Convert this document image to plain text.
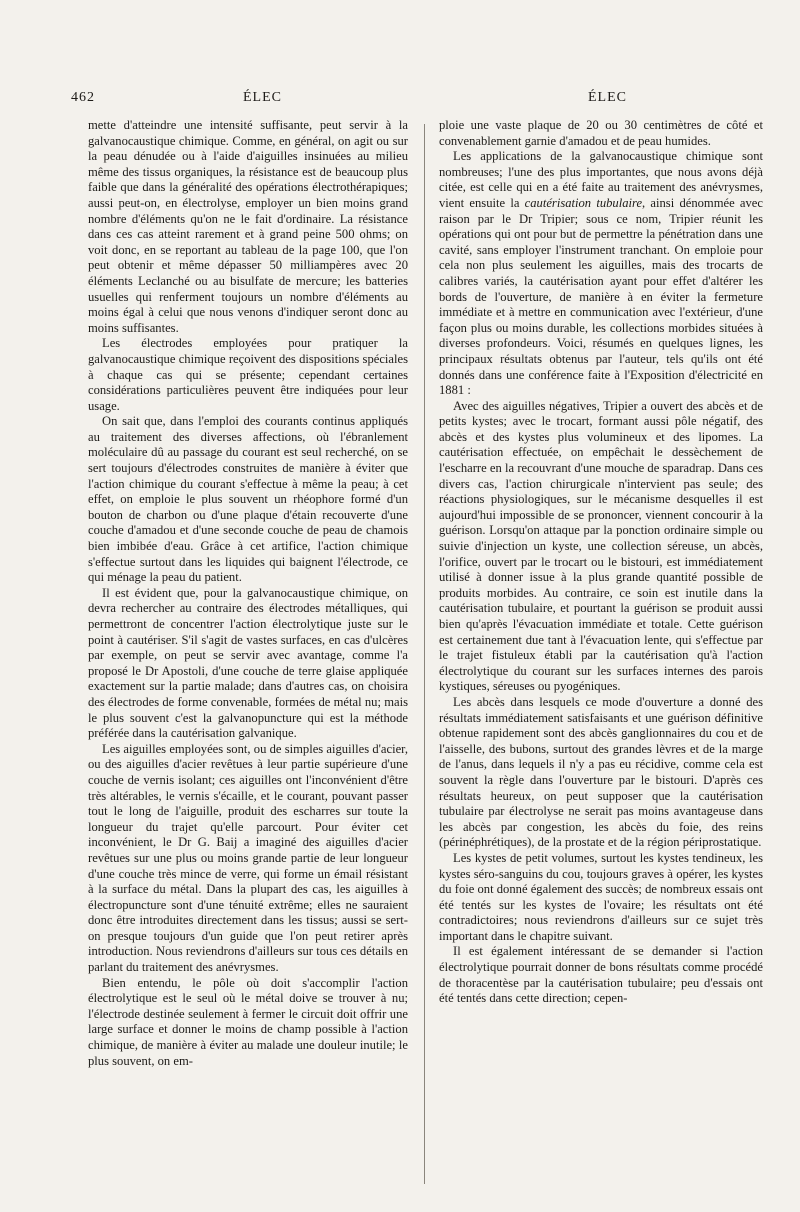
462	ÉLEC	ÉLEC

mette d'atteindre une intensité suffisante, peut servir à la galvanocaustique chimique. Comme, en général, on agit ou sur la peau dénudée ou à l'aide d'aiguilles insinuées au milieu même des tissus organiques, la résistance est de beaucoup plus faible que dans la généralité des opérations électrothérapiques; aussi peut-on, en électrolyse, employer un bien moins grand nombre d'éléments qu'on ne le fait d'ordinaire. La résistance dans ces cas atteint rarement et à grand peine 500 ohms; on voit donc, en se reportant au tableau de la page 100, que l'on peut obtenir et même dépasser 50 milliampères avec 20 éléments Leclanché ou au bisulfate de mercure; les batteries usuelles qui renferment toujours un nombre d'éléments au moins égal à celui que nous venons d'indiquer seront donc au moins suffisantes.

Les électrodes employées pour pratiquer la galvanocaustique chimique reçoivent des dispositions spéciales à chaque cas qui se présente; cependant certaines considérations particulières peuvent être indiquées pour leur usage.

On sait que, dans l'emploi des courants continus appliqués au traitement des diverses affections, où l'ébranlement moléculaire dû au passage du courant est seul recherché, on se sert toujours d'électrodes construites de manière à éviter que l'action chimique du courant s'effectue à même la peau; à cet effet, on emploie le plus souvent un rhéophore formé d'un bouton de charbon ou d'une plaque d'étain recouverte d'une couche d'amadou et d'une seconde couche de peau de chamois bien imbibée d'eau. Grâce à cet artifice, l'action chimique s'effectue surtout dans les liquides qui baignent l'électrode, ce qui ménage la peau du patient.

Il est évident que, pour la galvanocaustique chimique, on devra rechercher au contraire des électrodes métalliques, qui permettront de concentrer l'action électrolytique juste sur le point à cautériser. S'il s'agit de vastes surfaces, en cas d'ulcères par exemple, on peut se servir avec avantage, comme l'a proposé le Dr Apostoli, d'une couche de terre glaise appliquée exactement sur la partie malade; dans d'autres cas, on choisira des électrodes de forme convenable, formées de métal nu; mais le plus souvent c'est la galvanopuncture qui est la méthode préférée dans la cautérisation galvanique.

Les aiguilles employées sont, ou de simples aiguilles d'acier, ou des aiguilles d'acier revêtues à leur partie supérieure d'une couche de vernis isolant; ces aiguilles ont l'inconvénient d'être très altérables, le vernis s'écaille, et le courant, pouvant passer tout le long de l'aiguille, produit des escharres sur toute la longueur du trajet qu'elle parcourt. Pour éviter cet inconvénient, le Dr G. Baij a imaginé des aiguilles d'acier revêtues sur une plus ou moins grande partie de leur longueur d'une couche très mince de verre, qui forme un émail résistant à la surface du métal. Dans la plupart des cas, les aiguilles à électropuncture sont d'une ténuité extrême; elles ne sauraient donc être introduites directement dans les tissus; aussi se sert-on presque toujours d'un guide que l'on peut retirer après introduction. Nous reviendrons d'ailleurs sur tous ces détails en parlant du traitement des anévrysmes.

Bien entendu, le pôle où doit s'accomplir l'action électrolytique est le seul où le métal doive se trouver à nu; l'électrode destinée seulement à fermer le circuit doit offrir une large surface et donner le moins de champ possible à l'action chimique, de manière à éviter au malade une douleur inutile; le plus souvent, on em-

ploie une vaste plaque de 20 ou 30 centimètres de côté et convenablement garnie d'amadou et de peau humides.

Les applications de la galvanocaustique chimique sont nombreuses; l'une des plus importantes, que nous avons déjà citée, est celle qui en a été faite au traitement des anévrysmes, vient ensuite la cautérisation tubulaire, ainsi dénommée avec raison par le Dr Tripier; sous ce nom, Tripier réunit les opérations qui ont pour but de permettre la pénétration dans une cavité, sans employer l'instrument tranchant. On emploie pour cela non plus seulement les aiguilles, mais des trocarts de calibres variés, la cautérisation ayant pour effet d'altérer les bords de l'ouverture, de manière à en éviter la fermeture immédiate et à mettre en communication avec l'extérieur, d'une façon plus ou moins durable, les collections morbides situées à diverses profondeurs. Voici, résumés en quelques lignes, les principaux résultats obtenus par l'auteur, tels qu'ils ont été donnés dans une conférence faite à l'Exposition d'électricité en 1881 :

Avec des aiguilles négatives, Tripier a ouvert des abcès et de petits kystes; avec le trocart, formant aussi pôle négatif, des abcès et des kystes plus volumineux et des lipomes. La cautérisation effectuée, on empêchait le dessèchement de l'escharre en la recouvrant d'une mouche de sparadrap. Dans ces divers cas, l'action chirurgicale n'intervient pas seule; des réactions physiologiques, sur le mécanisme desquelles il est aujourd'hui impossible de se prononcer, viennent concourir à la guérison. Lorsqu'on attaque par la ponction ordinaire simple ou suivie d'injection un kyste, une collection séreuse, un abcès, l'orifice, ouvert par le trocart ou le bistouri, est immédiatement utilisé à donner issue à la plus grande quantité possible de produits morbides. Au contraire, ce soin est inutile dans la cautérisation tubulaire, et pourtant la guérison se produit aussi bien qu'après l'évacuation immédiate et totale. Cette guérison est certainement due tant à l'évacuation lente, qui s'effectue par le trajet fistuleux établi par la cautérisation qu'à l'action électrolytique du courant sur les surfaces internes des parois kystiques, séreuses ou pyogéniques.

Les abcès dans lesquels ce mode d'ouverture a donné des résultats immédiatement satisfaisants et une guérison définitive obtenue rapidement sont des abcès ganglionnaires du cou et de l'aisselle, des bubons, surtout des grandes lèvres et de la marge de l'anus, dans lequels il n'y a pas eu récidive, comme cela est souvent la règle dans l'ouverture par le bistouri. D'après ces résultats heureux, on peut supposer que la cautérisation tubulaire par électrolyse ne serait pas moins avantageuse dans les abcès par congestion, les abcès du foie, des reins (périnéphrétiques), de la prostate et de la région périprostatique.

Les kystes de petit volumes, surtout les kystes tendineux, les kystes séro-sanguins du cou, toujours graves à opérer, les kystes du foie ont donné également des succès; de nombreux essais ont été tentés sur les kystes de l'ovaire; les résultats ont été contradictoires; nous reviendrons d'ailleurs sur ce sujet très important dans le chapitre suivant.

Il est également intéressant de se demander si l'action électrolytique pourrait donner de bons résultats comme procédé de thoracentèse par la cautérisation tubulaire; peu d'essais ont été tentés dans cette direction; cepen-
